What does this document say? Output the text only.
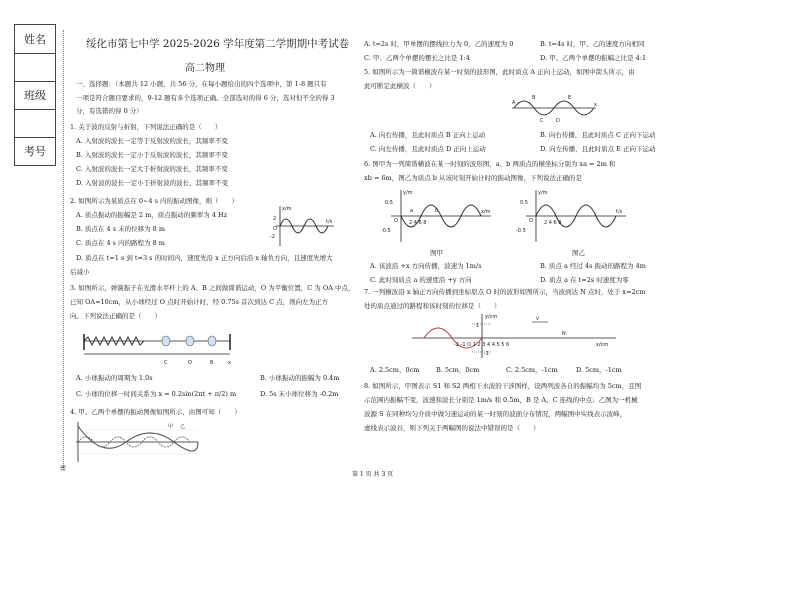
姓名
班级
考号
密
绥化市第七中学 2025-2026 学年度第二学期期中考试卷
高二物理
一、选择题：（本题共 12 小题，共 56 分，在每小题给出的四个选项中，第 1-8 题只有
一项是符合题目要求的，9-12 题有多个选项正确。全部选对的得 6 分，选对但不全的得 3
分，有选错的得 0 分）
1. 关于波的反射与折射，下列说法正确的是（　　）
A. 入射波的波长一定等于反射波的波长，其频率不变
B. 入射波的波长一定小于反射波的波长，其频率不变
C. 入射波的波长一定大于折射波的波长，其频率不变
D. 入射波的波长一定小于折射波的波长，其频率不变
2. 如图所示为某质点在 0~4 s 内的振动图像，则（　　）
A. 质点振动的振幅是 2 m，质点振动的频率为 4 Hz
B. 质点在 4 s 末的位移为 8 m
C. 质点在 4 s 内的路程为 8 m
D. 质点在 t=1 s 到 t=3 s 的时间内，速度先沿 x 正方向后沿 x 轴负方向，且速度先增大
后减小
x/m
t/s
2
-2
O
3. 如图所示，弹簧振子在光滑水平杆上的 A、B 之间做简谐运动，O 为平衡位置，C 为 OA 中点，
已知 OA=10cm，从小球经过 O 点时开始计时，经 0.75s 首次到达 C 点，则向左为正方
向。下列说法正确的是（　　）
C	O	B	x
A. 小球振动的周期为 1.0s	B. 小球振动的振幅为 0.4m
C. 小球的位移一时间关系为 x = 0.2sin(2πt + π/2) m	D. 5s 末小球位移为 -0.2m
4. 甲、乙两个单摆的振动图像如图所示，由图可知（　　）
甲 乙
A. t=2s 时，甲单摆的摆线拉力为 0，乙的速度为 0	B. t=4s 时，甲、乙的速度方向相同
C. 甲、乙两个单摆的摆长之比是 1:4	D. 甲、乙两个单摆的振幅之比是 4:1
5. 如图所示为一简谐横波在某一时刻的波形图，此时质点 A 正向上运动，如图中箭头所示，由
此可断定此横波（　　）
A
B
C	D
E
x
A. 向右传播，且此时质点 B 正向上运动	B. 向右传播，且此时质点 C 正向下运动
C. 向左传播，且此时质点 D 正向上运动	D. 向左传播，且此时质点 E 正向下运动
6. 图甲为一列简谐横波在某一时刻的波形图，a、b 两质点的横坐标分别为 xa = 2m 和
xb = 6m，图乙为质点 b 从该时刻开始计时的振动图像，下列说法正确的是
y/m
x/m
0.5
-0.5
O 2 4 6 8
a	b
图甲
y/m
t/s
0.5
-0.5
O 2 4 6 8
图乙
A. 该波沿 +x 方向传播，波速为 1m/s	B. 质点 a 经过 4s 振动的路程为 4m
C. 此时刻质点 a 的速度沿 +y 方向	D. 质点 a 在 t=2s 时速度为零
7. 一列横波沿 x 轴正方向传播到坐标原点 O 时的波形如图所示，当波到达 N 点时，处于 x=2cm
处的质点通过的路程和该时刻的位移是（　　）
v
N
y/cm
x/cm
1
-1
-2 -1 O 1 2 3 4 4.5 5 6
A. 2.5cm，0cm	B. 5cm，0cm	C. 2.5cm，-1cm	D. 5cm，-1cm
8. 如图所示，甲图表示 S1 和 S2 两相干水波的干涉图样，设两列波各自的振幅均为 5cm，且图
示范围内振幅不变，波速和波长分别是 1m/s 和 0.5m，B 是 A、C 连线的中点；乙图为一机械
波源 S 在同种均匀介质中做匀速运动的某一时刻的波面分布情况，两幅图中实线表示波峰，
虚线表示波谷，则下列关于两幅图的说法中错误的是（　　）
第 1 页 共 3 页
